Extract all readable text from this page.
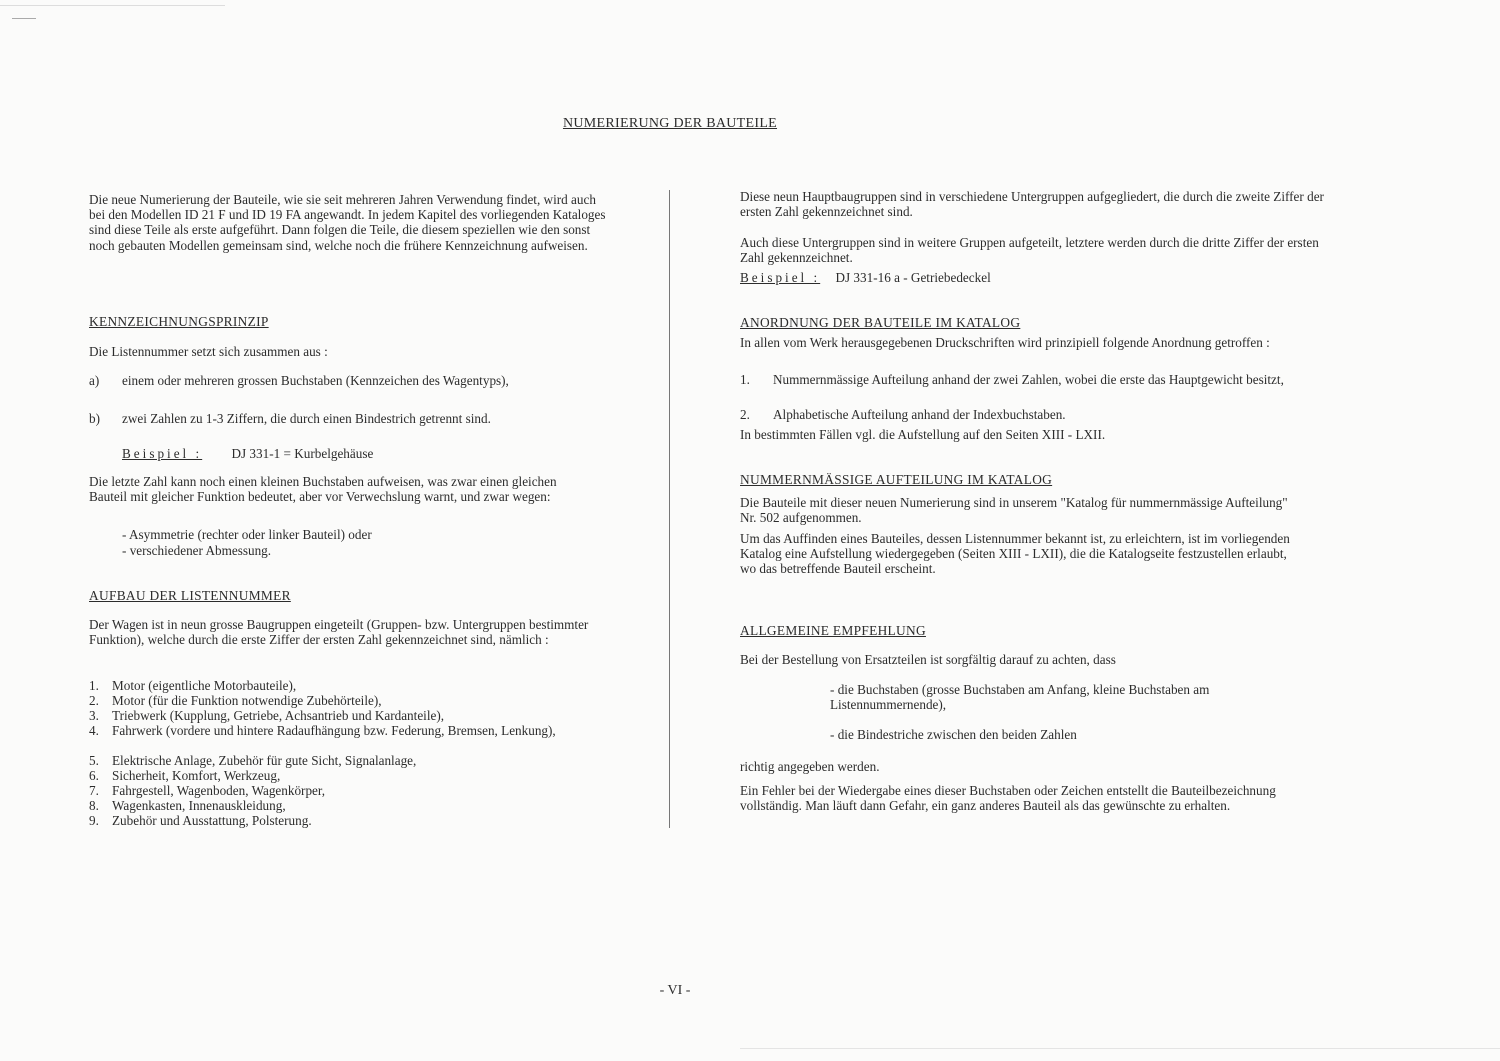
NUMERIERUNG DER BAUTEILE

Die neue Numerierung der Bauteile, wie sie seit mehreren Jahren Verwendung findet, wird auch bei den Modellen ID 21 F und ID 19 FA angewandt. In jedem Kapitel des vorliegenden Kataloges sind diese Teile als erste aufgeführt. Dann folgen die Teile, die diesem speziellen wie den sonst noch gebauten Modellen gemeinsam sind, welche noch die frühere Kennzeichnung aufweisen.

KENNZEICHNUNGSPRINZIP

Die Listennummer setzt sich zusammen aus :

a) einem oder mehreren grossen Buchstaben (Kennzeichen des Wagentyps),
b) zwei Zahlen zu 1-3 Ziffern, die durch einen Bindestrich getrennt sind.
Beispiel : DJ 331-1 = Kurbelgehäuse

Die letzte Zahl kann noch einen kleinen Buchstaben aufweisen, was zwar einen gleichen Bauteil mit gleicher Funktion bedeutet, aber vor Verwechslung warnt, und zwar wegen:

- Asymmetrie (rechter oder linker Bauteil) oder
- verschiedener Abmessung.
AUFBAU DER LISTENNUMMER

Der Wagen ist in neun grosse Baugruppen eingeteilt (Gruppen- bzw. Untergruppen bestimmter Funktion), welche durch die erste Ziffer der ersten Zahl gekennzeichnet sind, nämlich :

1. Motor (eigentliche Motorbauteile),
2. Motor (für die Funktion notwendige Zubehörteile),
3. Triebwerk (Kupplung, Getriebe, Achsantrieb und Kardanteile),
4. Fahrwerk (vordere und hintere Radaufhängung bzw. Federung, Bremsen, Lenkung),
5. Elektrische Anlage, Zubehör für gute Sicht, Signalanlage,
6. Sicherheit, Komfort, Werkzeug,
7. Fahrgestell, Wagenboden, Wagenkörper,
8. Wagenkasten, Innenauskleidung,
9. Zubehör und Ausstattung, Polsterung.

Diese neun Hauptbaugruppen sind in verschiedene Untergruppen aufgegliedert, die durch die zweite Ziffer der ersten Zahl gekennzeichnet sind.

Auch diese Untergruppen sind in weitere Gruppen aufgeteilt, letztere werden durch die dritte Ziffer der ersten Zahl gekennzeichnet.

Beispiel : DJ 331-16 a - Getriebedeckel
ANORDNUNG DER BAUTEILE IM KATALOG

In allen vom Werk herausgegebenen Druckschriften wird prinzipiell folgende Anordnung getroffen :

1. Nummernmässige Aufteilung anhand der zwei Zahlen, wobei die erste das Hauptgewicht besitzt,
2. Alphabetische Aufteilung anhand der Indexbuchstaben.

In bestimmten Fällen vgl. die Aufstellung auf den Seiten XIII - LXII.

NUMMERNMÄSSIGE AUFTEILUNG IM KATALOG

Die Bauteile mit dieser neuen Numerierung sind in unserem "Katalog für nummernmässige Aufteilung" Nr. 502 aufgenommen.

Um das Auffinden eines Bauteiles, dessen Listennummer bekannt ist, zu erleichtern, ist im vorliegenden Katalog eine Aufstellung wiedergegeben (Seiten XIII - LXII), die die Katalogseite festzustellen erlaubt, wo das betreffende Bauteil erscheint.

ALLGEMEINE EMPFEHLUNG

Bei der Bestellung von Ersatzteilen ist sorgfältig darauf zu achten, dass

- die Buchstaben (grosse Buchstaben am Anfang, kleine Buchstaben am Listennummernende),
- die Bindestriche zwischen den beiden Zahlen

richtig angegeben werden.

Ein Fehler bei der Wiedergabe eines dieser Buchstaben oder Zeichen entstellt die Bauteilbezeichnung vollständig. Man läuft dann Gefahr, ein ganz anderes Bauteil als das gewünschte zu erhalten.

- VI -
